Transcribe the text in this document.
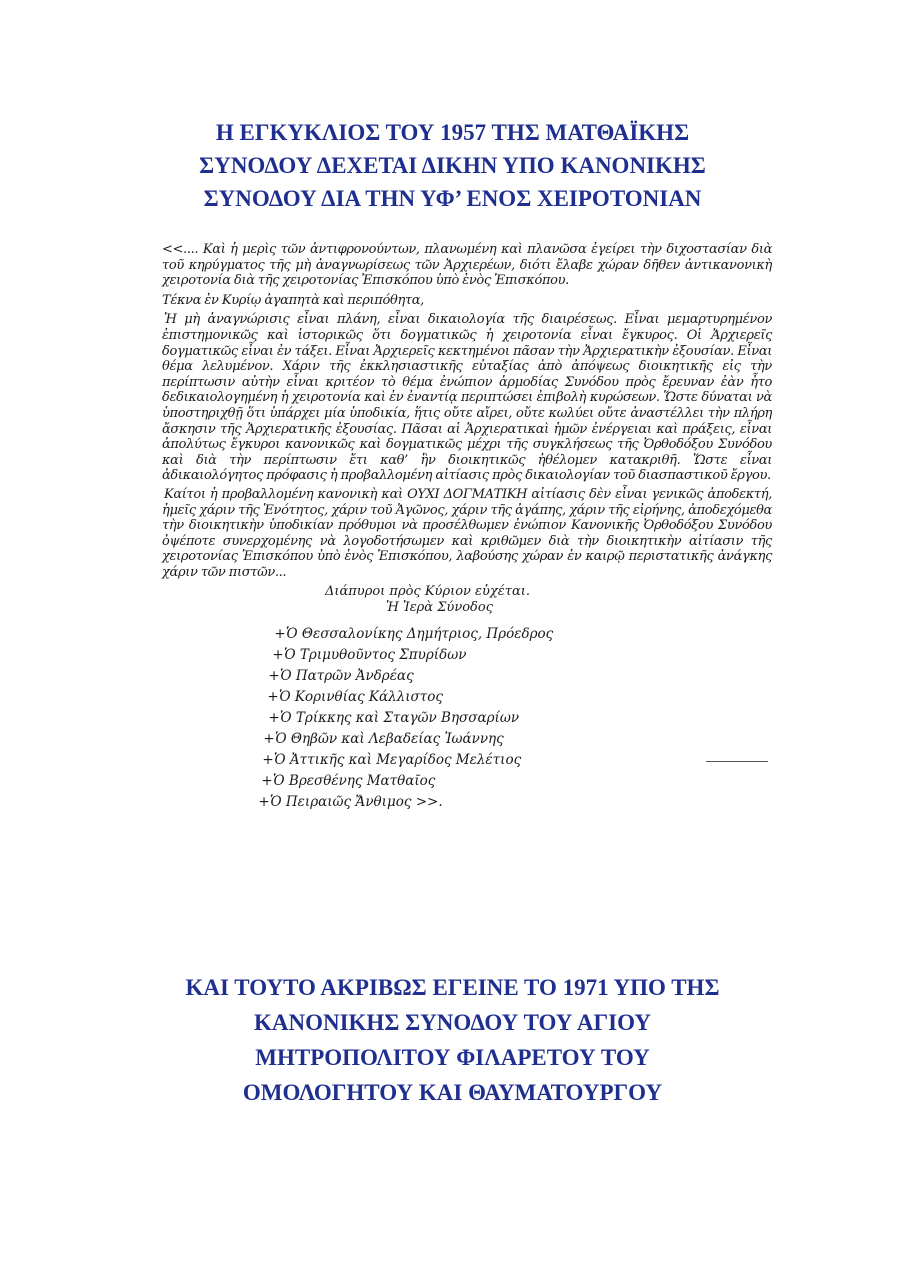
Η ΕΓΚΥΚΛΙΟΣ ΤΟΥ 1957 ΤΗΣ ΜΑΤΘΑΪΚΗΣ
ΣΥΝΟΔΟΥ ΔΕΧΕΤΑΙ ΔΙΚΗΝ ΥΠΟ ΚΑΝΟΝΙΚΗΣ
ΣΥΝΟΔΟΥ ΔΙΑ ΤΗΝ ΥΦ’ ΕΝΟΣ ΧΕΙΡΟΤΟΝΙΑΝ

<<.... Καὶ ἡ μερὶς τῶν ἀντιφρονούντων, πλανωμένη καὶ πλανῶσα ἐγείρει τὴν διχοστασίαν διὰ τοῦ κηρύγματος τῆς μὴ ἀναγνωρίσεως τῶν Ἀρχιερέων, διότι ἔλαβε χώραν δῆθεν ἀντικανονικὴ χειροτονία διὰ τῆς χειροτονίας Ἐπισκόπου ὑπὸ ἑνὸς Ἐπισκόπου.

Τέκνα ἐν Κυρίῳ ἀγαπητὰ καὶ περιπόθητα,

Ἡ μὴ ἀναγνώρισις εἶναι πλάνη, εἶναι δικαιολογία τῆς διαιρέσεως. Εἶναι μεμαρτυρημένον ἐπιστημονικῶς καὶ ἱστορικῶς ὅτι δογματικῶς ἡ χειροτονία εἶναι ἔγκυρος. Οἱ Ἀρχιερεῖς δογματικῶς εἶναι ἐν τάξει. Εἶναι Ἀρχιερεῖς κεκτημένοι πᾶσαν τὴν Ἀρχιερατικὴν ἐξουσίαν. Εἶναι θέμα λελυμένον. Χάριν τῆς ἐκκλησιαστικῆς εὐταξίας ἀπὸ ἀπόψεως διοικητικῆς εἰς τὴν περίπτωσιν αὐτὴν εἶναι κριτέον τὸ θέμα ἐνώπιον ἁρμοδίας Συνόδου πρὸς ἔρευναν ἐὰν ἦτο δεδικαιολογημένη ἡ χειροτονία καὶ ἐν ἐναντίᾳ περιπτώσει ἐπιβολὴ κυρώσεων. Ὥστε δύναται νὰ ὑποστηριχθῇ ὅτι ὑπάρχει μία ὑποδικία, ἥτις οὔτε αἴρει, οὔτε κωλύει οὔτε ἀναστέλλει τὴν πλήρη ἄσκησιν τῆς Ἀρχιερατικῆς ἐξουσίας. Πᾶσαι αἱ Ἀρχιερατικαὶ ἡμῶν ἐνέργειαι καὶ πράξεις, εἶναι ἀπολύτως ἔγκυροι κανονικῶς καὶ δογματικῶς μέχρι τῆς συγκλήσεως τῆς Ὀρθοδόξου Συνόδου καὶ διὰ τὴν περίπτωσιν ἔτι καθ’ ἣν διοικητικῶς ἠθέλομεν κατακριθῆ. Ὥστε εἶναι ἀδικαιολόγητος πρόφασις ἡ προβαλλομένη αἰτίασις πρὸς δικαιολογίαν τοῦ διασπαστικοῦ ἔργου.

Καίτοι ἡ προβαλλομένη κανονικὴ καὶ ΟΥΧΙ ΔΟΓΜΑΤΙΚΗ αἰτίασις δὲν εἶναι γενικῶς ἀποδεκτή, ἡμεῖς χάριν τῆς Ἑνότητος, χάριν τοῦ Ἀγῶνος, χάριν τῆς ἀγάπης, χάριν τῆς εἰρήνης, ἀποδεχόμεθα τὴν διοικητικὴν ὑποδικίαν πρόθυμοι νὰ προσέλθωμεν ἐνώπιον Κανονικῆς Ὀρθοδόξου Συνόδου ὀψέποτε συνερχομένης νὰ λογοδοτήσωμεν καὶ κριθῶμεν διὰ τὴν διοικητικὴν αἰτίασιν τῆς χειροτονίας Ἐπισκόπου ὑπὸ ἑνὸς Ἐπισκόπου, λαβούσης χώραν ἐν καιρῷ περιστατικῆς ἀνάγκης χάριν τῶν πιστῶν...

Διάπυροι πρὸς Κύριον εὐχέται.
Ἡ Ἱερὰ Σύνοδος
+Ὁ Θεσσαλονίκης Δημήτριος, Πρόεδρος
+Ὁ Τριμυθοῦντος Σπυρίδων
+Ὁ Πατρῶν Ἀνδρέας
+Ὁ Κορινθίας Κάλλιστος
+Ὁ Τρίκκης καὶ Σταγῶν Βησσαρίων
+Ὁ Θηβῶν καὶ Λεβαδείας Ἰωάννης
+Ὁ Ἀττικῆς καὶ Μεγαρίδος Μελέτιος
+Ὁ Βρεσθένης Ματθαῖος
+Ὁ Πειραιῶς Ἄνθιμος >>.
ΚΑΙ ΤΟΥΤΟ ΑΚΡΙΒΩΣ ΕΓΕΙΝΕ ΤΟ 1971 ΥΠΟ ΤΗΣ
ΚΑΝΟΝΙΚΗΣ ΣΥΝΟΔΟΥ ΤΟΥ ΑΓΙΟΥ
ΜΗΤΡΟΠΟΛΙΤΟΥ ΦΙΛΑΡΕΤΟΥ ΤΟΥ
ΟΜΟΛΟΓΗΤΟΥ ΚΑΙ ΘΑΥΜΑΤΟΥΡΓΟΥ
